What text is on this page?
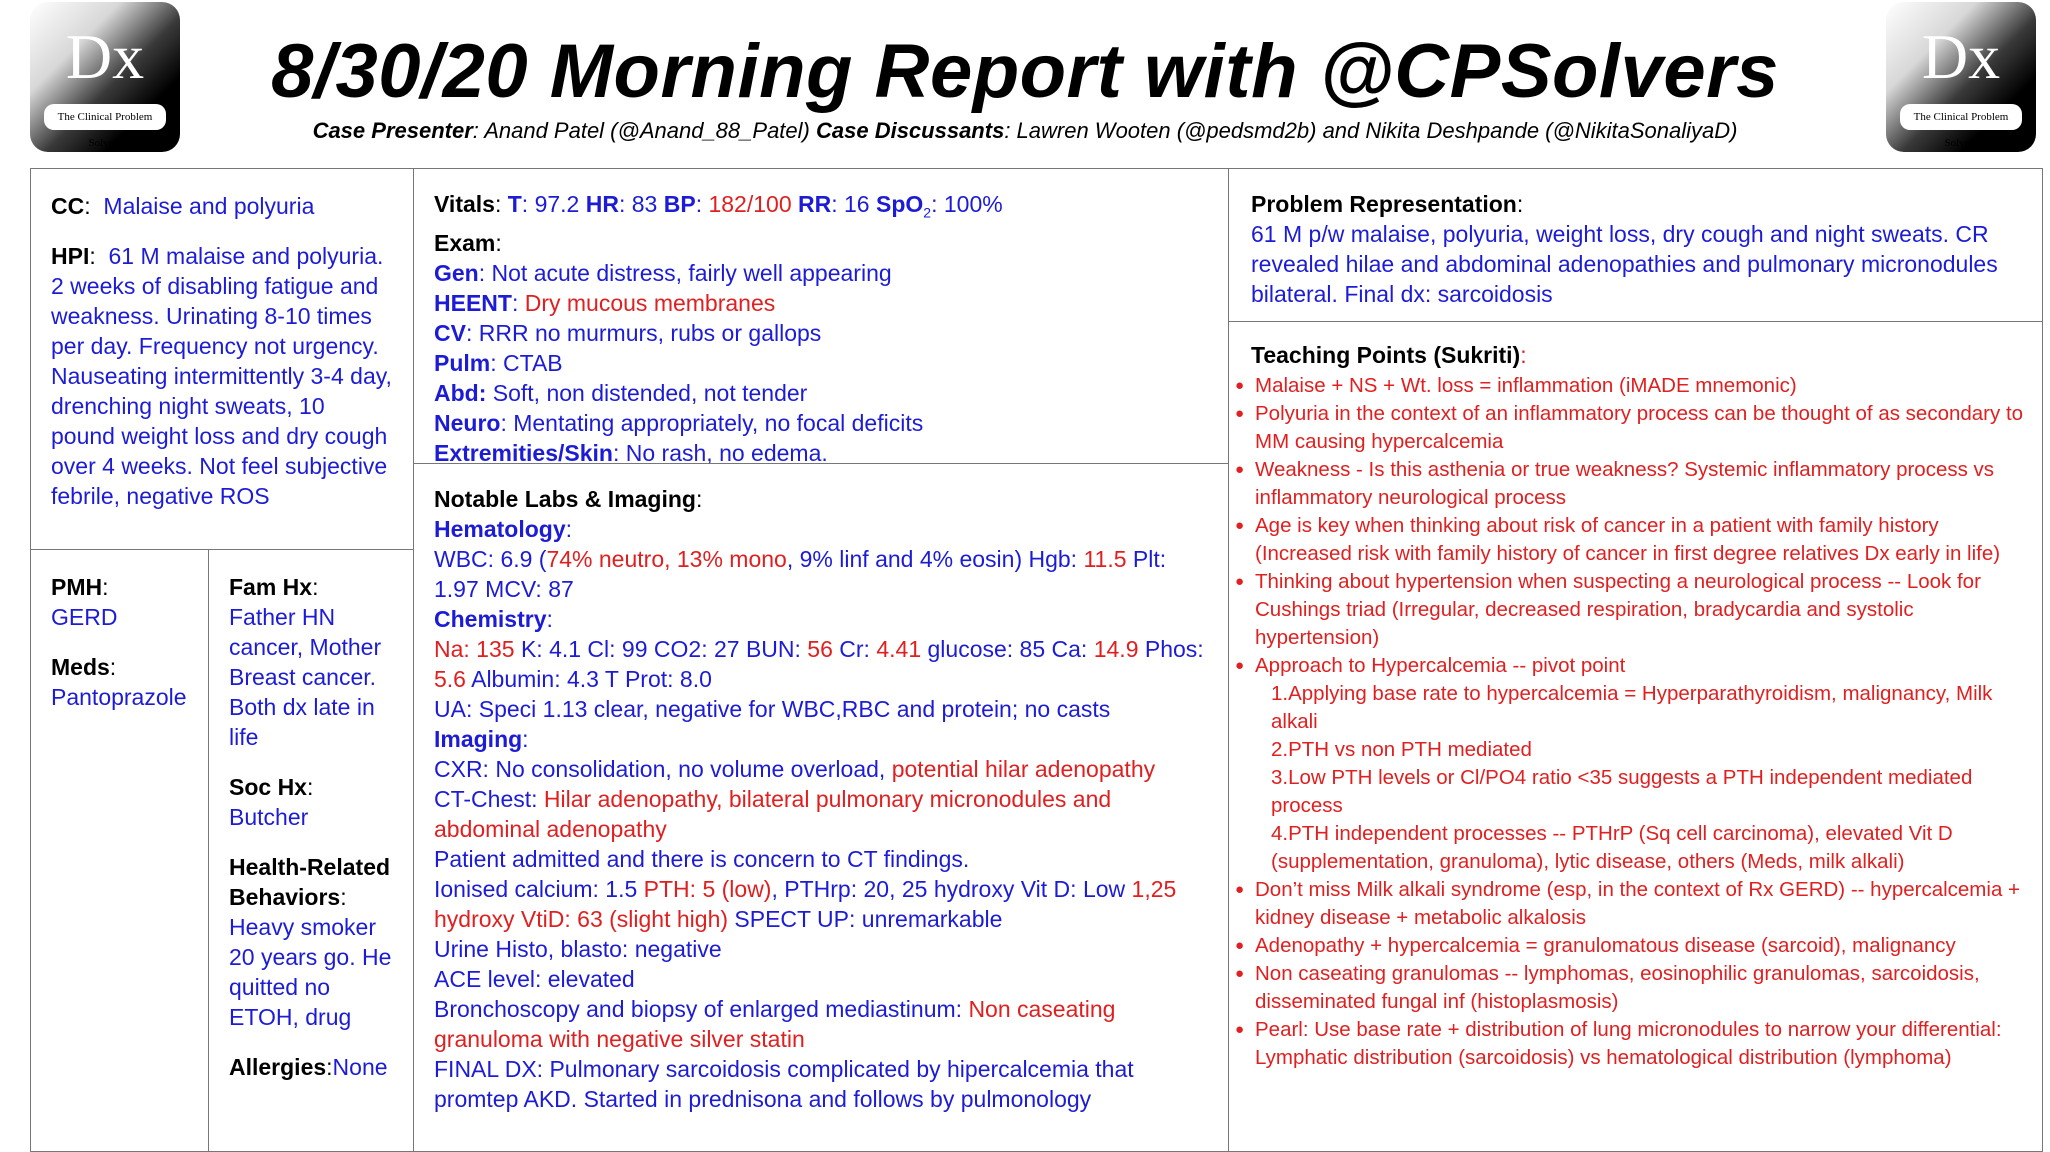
Dx
The Clinical Problem Solvers
Dx
The Clinical Problem Solvers
8/30/20 Morning Report with @CPSolvers
Case Presenter: Anand Patel (@Anand_88_Patel) Case Discussants: Lawren Wooten (@pedsmd2b) and Nikita Deshpande (@NikitaSonaliyaD)
CC:  Malaise and polyuria
HPI:  61 M malaise and polyuria. 2 weeks of disabling fatigue and weakness. Urinating 8-10 times per day. Frequency not urgency. Nauseating intermittently 3-4 day, drenching night sweats, 10 pound weight loss and dry cough over 4 weeks. Not feel subjective febrile, negative ROS
PMH:
GERD
Meds:
Pantoprazole
Fam Hx:
Father HN cancer, Mother Breast cancer. Both dx late in life
Soc Hx:
Butcher
Health-Related Behaviors:
Heavy smoker 20 years go. He quitted no ETOH, drug
Allergies:None
Vitals: T: 97.2 HR: 83 BP: 182/100 RR: 16 SpO$_2$: 100%
Exam:
Gen: Not acute distress, fairly well appearing
HEENT: Dry mucous membranes
CV: RRR no murmurs, rubs or gallops
Pulm: CTAB
Abd: Soft, non distended, not tender
Neuro: Mentating appropriately, no focal deficits
Extremities/Skin: No rash, no edema.
Notable Labs & Imaging:
Hematology:
WBC: 6.9 (74% neutro, 13% mono, 9% linf and 4% eosin) Hgb: 11.5 Plt: 1.97 MCV: 87
Chemistry:
Na: 135 K: 4.1 Cl: 99 CO2: 27 BUN: 56 Cr: 4.41 glucose: 85 Ca: 14.9 Phos: 5.6 Albumin: 4.3 T Prot: 8.0
UA: Speci 1.13 clear, negative for WBC,RBC and protein; no casts
Imaging:
CXR: No consolidation, no volume overload, potential hilar adenopathy
CT-Chest: Hilar adenopathy, bilateral pulmonary micronodules and abdominal adenopathy
Patient admitted and there is concern to CT findings.
Ionised calcium: 1.5 PTH: 5 (low), PTHrp: 20, 25 hydroxy Vit D: Low 1,25 hydroxy VtiD: 63 (slight high) SPECT UP: unremarkable
Urine Histo, blasto: negative
ACE level: elevated
Bronchoscopy and biopsy of enlarged mediastinum: Non caseating granuloma with negative silver statin
FINAL DX: Pulmonary sarcoidosis complicated by hipercalcemia that promtep AKD. Started in prednisona and follows by pulmonology
Problem Representation:
61 M p/w malaise, polyuria, weight loss, dry cough and night sweats. CR revealed hilae and abdominal adenopathies and pulmonary micronodules bilateral. Final dx: sarcoidosis
Teaching Points (Sukriti):
● Malaise + NS + Wt. loss = inflammation (iMADE mnemonic)
● Polyuria in the context of an inflammatory process can be thought of as secondary to MM causing hypercalcemia
● Weakness - Is this asthenia or true weakness? Systemic inflammatory process vs inflammatory neurological process
● Age is key when thinking about risk of cancer in a patient with family history (Increased risk with family history of cancer in first degree relatives Dx early in life)
● Thinking about hypertension when suspecting a neurological process -- Look for Cushings triad (Irregular, decreased respiration, bradycardia and systolic hypertension)
● Approach to Hypercalcemia -- pivot point
1.Applying base rate to hypercalcemia = Hyperparathyroidism, malignancy, Milk alkali
2.PTH vs non PTH mediated
3.Low PTH levels or Cl/PO4 ratio <35 suggests a PTH independent mediated process
4.PTH independent processes -- PTHrP (Sq cell carcinoma), elevated Vit D (supplementation, granuloma), lytic disease, others (Meds, milk alkali)
● Don’t miss Milk alkali syndrome (esp, in the context of Rx GERD) -- hypercalcemia + kidney disease + metabolic alkalosis
● Adenopathy + hypercalcemia = granulomatous disease (sarcoid), malignancy
● Non caseating granulomas -- lymphomas, eosinophilic granulomas, sarcoidosis, disseminated fungal inf (histoplasmosis)
● Pearl: Use base rate + distribution of lung micronodules to narrow your differential: Lymphatic distribution (sarcoidosis) vs hematological distribution (lymphoma)
